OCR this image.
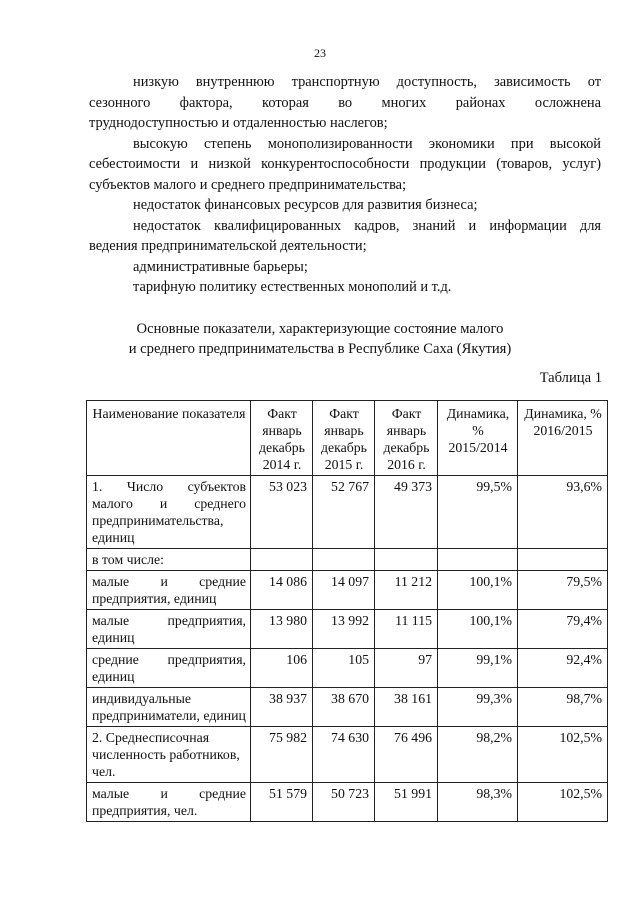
23

низкую внутреннюю транспортную доступность, зависимость от

сезонного фактора, которая во многих районах осложнена

труднодоступностью и отдаленностью наслегов;

высокую степень монополизированности экономики при высокой

себестоимости и низкой конкурентоспособности продукции (товаров, услуг)

субъектов малого и среднего предпринимательства;

недостаток финансовых ресурсов для развития бизнеса;

недостаток квалифицированных кадров, знаний и информации для

ведения предпринимательской деятельности;

административные барьеры;

тарифную политику естественных монополий и т.д.

Основные показатели, характеризующие состояние малого
и среднего предпринимательства в Республике Саха (Якутия)
Таблица 1
Наименование показателя	Факт январь декабрь 2014 г.	Факт январь декабрь 2015 г.	Факт январь декабрь 2016 г.	Динамика, % 2015/2014	Динамика, % 2016/2015
1. Число субъектов малого и среднего предпринимательства, единиц	53 023	52 767	49 373	99,5%	93,6%
в том числе:					
малые и средние предприятия, единиц	14 086	14 097	11 212	100,1%	79,5%
малые предприятия, единиц	13 980	13 992	11 115	100,1%	79,4%
средние предприятия, единиц	106	105	97	99,1%	92,4%
индивидуальные предприниматели, единиц	38 937	38 670	38 161	99,3%	98,7%
2. Среднесписочная численность работников, чел.	75 982	74 630	76 496	98,2%	102,5%
малые и средние предприятия, чел.	51 579	50 723	51 991	98,3%	102,5%
